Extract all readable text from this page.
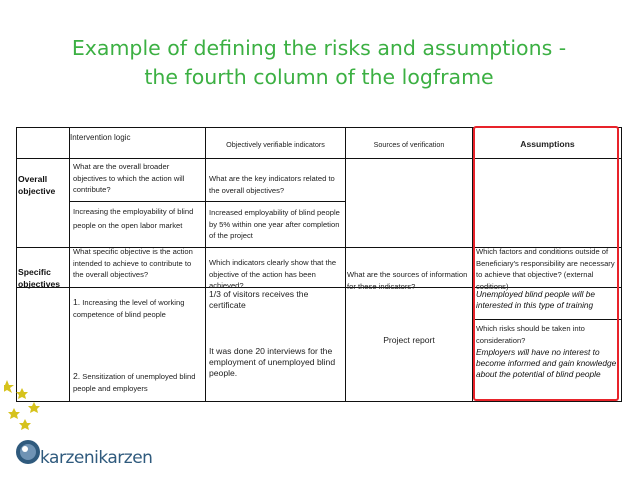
Example of defining the risks and assumptions -
the fourth column of the logframe
Intervention logic
Objectively verifiable indicators	Sources of verification	Assumptions
Overall objective
What are the overall broader objectives to which the action will contribute?
What are the key indicators related to the overall objectives?
Increasing the employability of blind people on the open labor market
Increased employability of blind people by 5% within one year after completion of the project
Specific objectives
What specific objective is the action intended to achieve to contribute to the overall objectives?
Which indicators clearly show that the objective of the action has been achieved?
What are the sources of information for these indicators?
Which factors and conditions outside of Beneficiary's responsibility are necessary to achieve that objective? (external coditions)
1. Increasing the level of working competence of blind people
1/3 of visitors receives the certificate
Unemployed blind people will be interested in this type of training
Project report
Which risks should be taken into consideration?
Employers will have no interest to become informed and gain knowledge about the potential of blind people
It was done 20 interviews for the employment of unemployed blind people.
2. Sensitization of unemployed blind people and employers
karzenikarzen
